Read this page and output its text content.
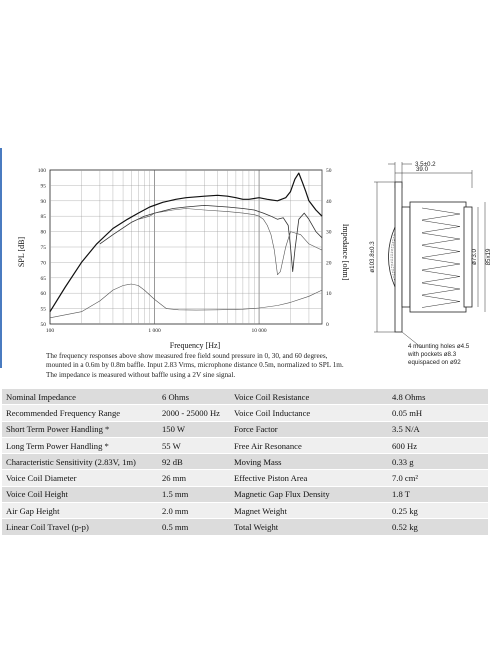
100
95
90
85
80
75
70
65
60
55
50
50
40
30
20
10
0
100	1 000	10 000
Frequency [Hz]
SPL [dB]	Impedance [ohm]
The frequency responses above show measured free field sound pressure in 0, 30, and 60 degrees, mounted in a 0.6m by 0.8m baffle. Input 2.83 Vrms, microphone distance 0.5m, normalized to SPL 1m. The impedance is measured without baffle using a 2V sine signal.
3.5±0.2
39.0
ø103.8±0.3	ø73.0 85x19
4 mounting holes ø4.5
with pockets ø8.3
equispaced on ø92
Nominal Impedance	6 Ohms	Voice Coil Resistance	4.8 Ohms
Recommended Frequency Range	2000 - 25000 Hz	Voice Coil Inductance	0.05 mH
Short Term Power Handling *	150 W	Force Factor	3.5 N/A
Long Term Power Handling *	55 W	Free Air Resonance	600 Hz
Characteristic Sensitivity (2.83V, 1m)	92 dB	Moving Mass	0.33 g
Voice Coil Diameter	26 mm	Effective Piston Area	7.0 cm²
Voice Coil Height	1.5 mm	Magnetic Gap Flux Density	1.8 T
Air Gap Height	2.0 mm	Magnet Weight	0.25 kg
Linear Coil Travel (p-p)	0.5 mm	Total Weight	0.52 kg
